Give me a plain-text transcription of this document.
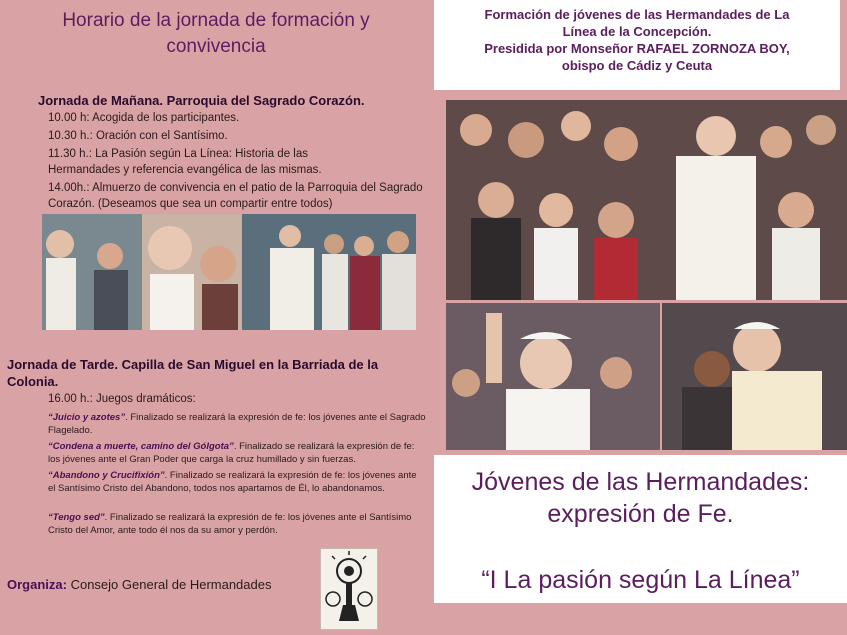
Horario de la jornada de formación y
convivencia
Jornada de Mañana. Parroquia del Sagrado Corazón.
10.00 h: Acogida de los participantes.
10.30 h.: Oración con el Santísimo.
11.30 h.: La Pasión según La Línea: Historia de las Hermandades y referencia evangélica de las mismas.
14.00h.: Almuerzo de convivencia en el patio de la Parroquia del Sagrado Corazón. (Deseamos que sea un compartir entre todos)
Jornada de Tarde. Capilla de San Miguel en la Barriada de la Colonia.
16.00 h.: Juegos dramáticos:
“Juicio y azotes”. Finalizado se realizará la expresión de fe: los jóvenes ante el Sagrado Flagelado.
“Condena a muerte, camino del Gólgota”. Finalizado se realizará la expresión de fe: los jóvenes ante el Gran Poder que carga la cruz humillado y sin fuerzas.
“Abandono y Crucifixión”. Finalizado se realizará la expresión de fe: los jóvenes ante el Santísimo Cristo del Abandono, todos nos apartamos de Él, lo abandonamos.
“Tengo sed”. Finalizado se realizará la expresión de fe: los jóvenes ante el Santísimo Cristo del Amor, ante todo él nos da su amor y perdón.
Organiza: Consejo General de Hermandades
Formación de jóvenes de las Hermandades de La
Línea de la Concepción.
Presidida por Monseñor RAFAEL ZORNOZA BOY,
obispo de Cádiz y Ceuta
Jóvenes de las Hermandades:
expresión de Fe.
“I La pasión según La Línea”
